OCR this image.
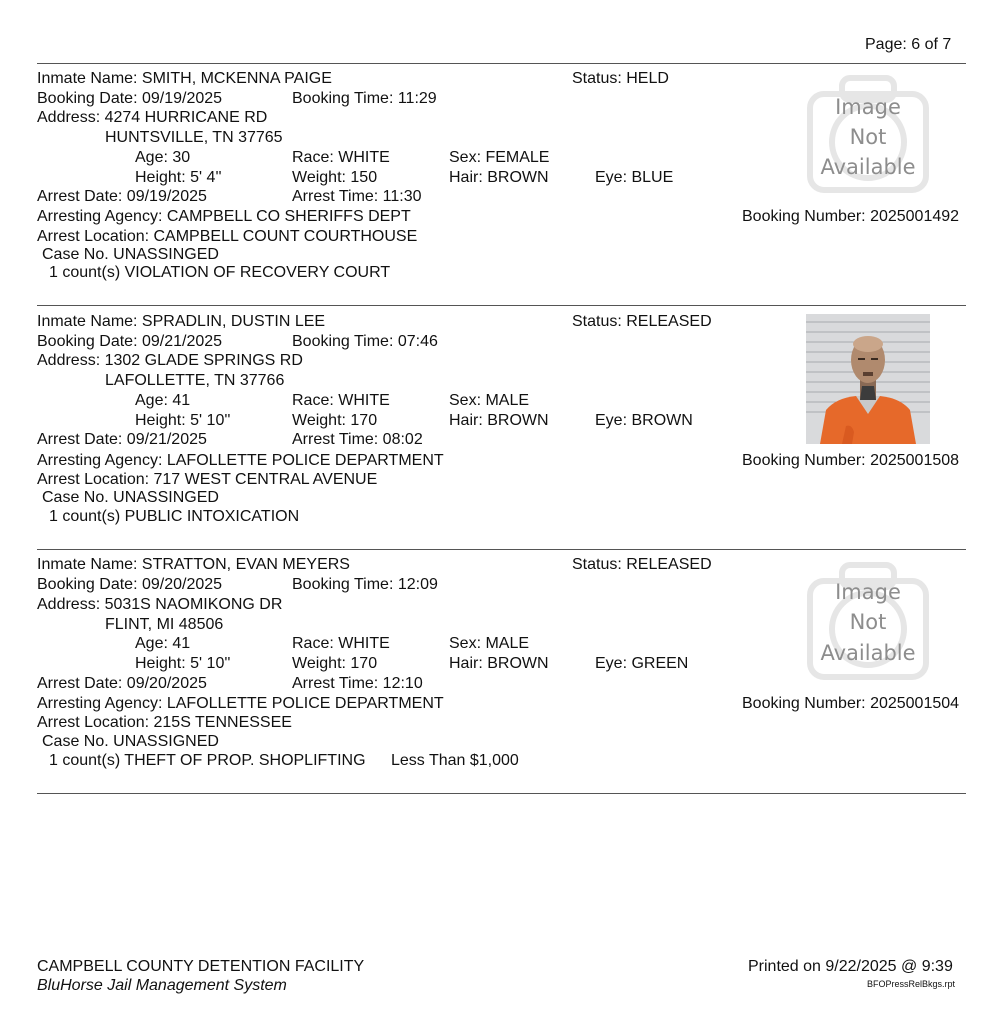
Page: 6 of 7
Inmate Name: SMITH, MCKENNA PAIGE	Status: HELD
Booking Date: 09/19/2025	Booking Time: 11:29
Address: 4274 HURRICANE RD
HUNTSVILLE, TN 37765
Age: 30	Race: WHITE	Sex: FEMALE
Height: 5' 4''	Weight: 150	Hair: BROWN	Eye: BLUE
Arrest Date: 09/19/2025	Arrest Time: 11:30
Arresting Agency: CAMPBELL CO SHERIFFS DEPT	Booking Number: 2025001492
Arrest Location: CAMPBELL COUNT COURTHOUSE
Case No. UNASSINGED
1 count(s) VIOLATION OF RECOVERY COURT
Image
Not
Available
Inmate Name: SPRADLIN, DUSTIN LEE	Status: RELEASED
Booking Date: 09/21/2025	Booking Time: 07:46
Address: 1302 GLADE SPRINGS RD
LAFOLLETTE, TN 37766
Age: 41	Race: WHITE	Sex: MALE
Height: 5' 10''	Weight: 170	Hair: BROWN	Eye: BROWN
Arrest Date: 09/21/2025	Arrest Time: 08:02
Arresting Agency: LAFOLLETTE POLICE DEPARTMENT	Booking Number: 2025001508
Arrest Location: 717 WEST CENTRAL AVENUE
Case No. UNASSINGED
1 count(s) PUBLIC INTOXICATION
Inmate Name: STRATTON, EVAN MEYERS	Status: RELEASED
Booking Date: 09/20/2025	Booking Time: 12:09
Address: 5031S NAOMIKONG DR
FLINT, MI 48506
Age: 41	Race: WHITE	Sex: MALE
Height: 5' 10''	Weight: 170	Hair: BROWN	Eye: GREEN
Arrest Date: 09/20/2025	Arrest Time: 12:10
Arresting Agency: LAFOLLETTE POLICE DEPARTMENT	Booking Number: 2025001504
Arrest Location: 215S TENNESSEE
Case No. UNASSIGNED
1 count(s) THEFT OF PROP. SHOPLIFTING Less Than $1,000
Image
Not
Available
CAMPBELL COUNTY DETENTION FACILITY
BluHorse Jail Management System
Printed on 9/22/2025 @ 9:39
BFOPressRelBkgs.rpt
